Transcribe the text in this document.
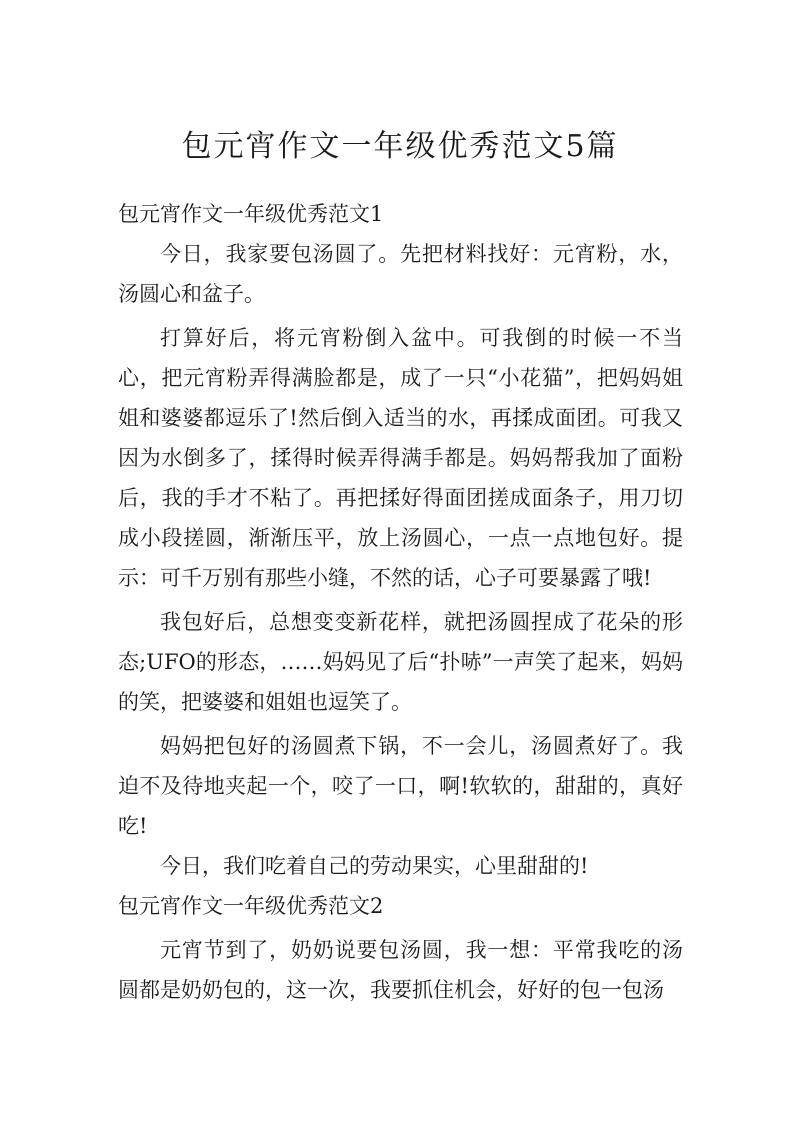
包元宵作文一年级优秀范文5篇
包元宵作文一年级优秀范文1

今日，我家要包汤圆了。先把材料找好：元宵粉，水，汤圆心和盆子。

打算好后，将元宵粉倒入盆中。可我倒的时候一不当心，把元宵粉弄得满脸都是，成了一只“小花猫”，把妈妈姐姐和婆婆都逗乐了!然后倒入适当的水，再揉成面团。可我又因为水倒多了，揉得时候弄得满手都是。妈妈帮我加了面粉后，我的手才不粘了。再把揉好得面团搓成面条子，用刀切成小段搓圆，渐渐压平，放上汤圆心，一点一点地包好。提示：可千万别有那些小缝，不然的话，心子可要暴露了哦!

我包好后，总想变变新花样，就把汤圆捏成了花朵的形态;UFO的形态，……妈妈见了后“扑哧”一声笑了起来，妈妈的笑，把婆婆和姐姐也逗笑了。

妈妈把包好的汤圆煮下锅，不一会儿，汤圆煮好了。我迫不及待地夹起一个，咬了一口，啊!软软的，甜甜的，真好吃!

今日，我们吃着自己的劳动果实，心里甜甜的!

包元宵作文一年级优秀范文2

元宵节到了，奶奶说要包汤圆，我一想：平常我吃的汤圆都是奶奶包的，这一次，我要抓住机会，好好的包一包汤
